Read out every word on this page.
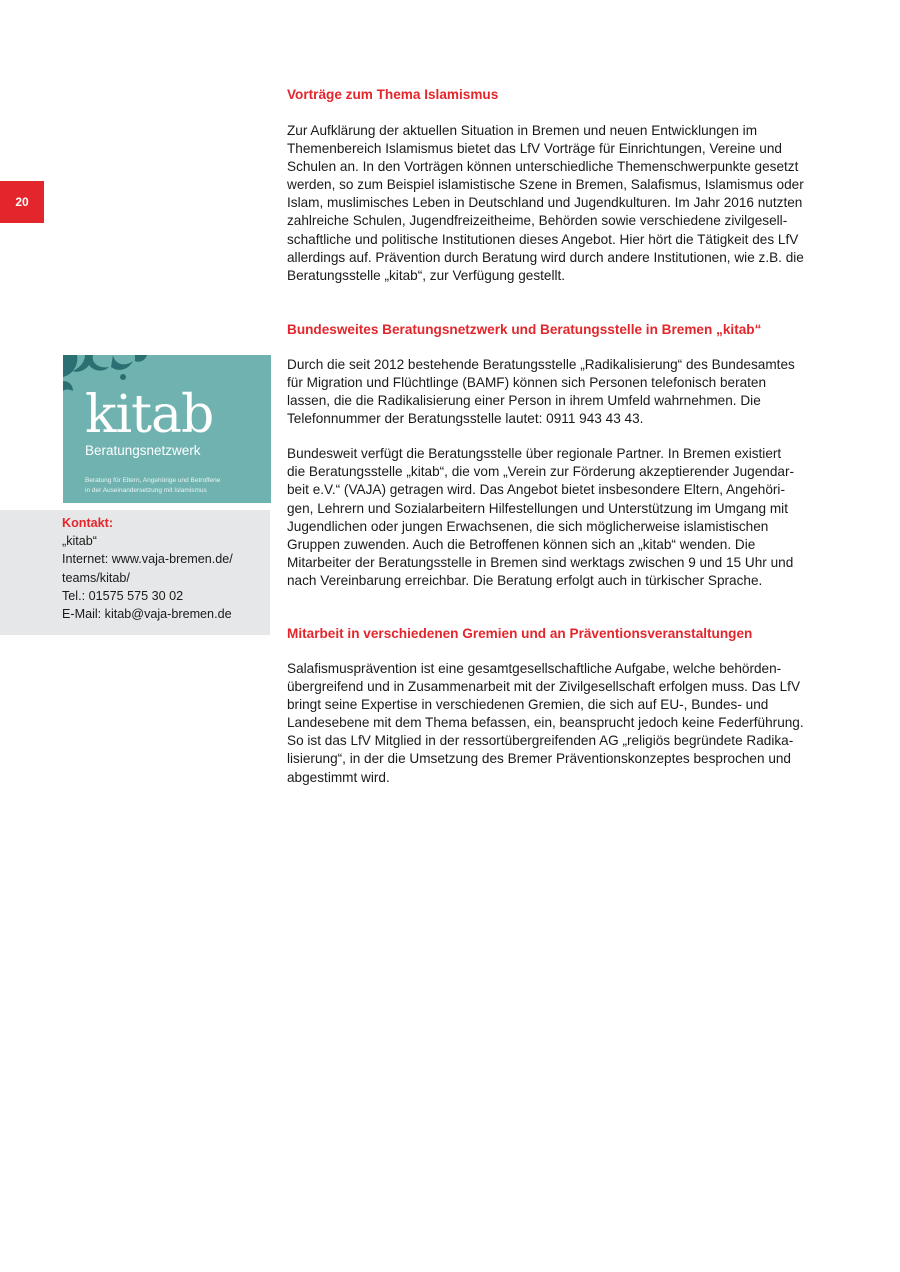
20
Vorträge zum Thema Islamismus

Zur Aufklärung der aktuellen Situation in Bremen und neuen Entwicklungen im
Themenbereich Islamismus bietet das LfV Vorträge für Einrichtungen, Vereine und
Schulen an. In den Vorträgen können unterschiedliche Themenschwerpunkte gesetzt
werden, so zum Beispiel islamistische Szene in Bremen, Salafismus, Islamismus oder
Islam, muslimisches Leben in Deutschland und Jugendkulturen. Im Jahr 2016 nutzten
zahlreiche Schulen, Jugendfreizeitheime, Behörden sowie verschiedene zivilgesell-
schaftliche und politische Institutionen dieses Angebot. Hier hört die Tätigkeit des LfV
allerdings auf. Prävention durch Beratung wird durch andere Institutionen, wie z.B. die
Beratungsstelle „kitab“, zur Verfügung gestellt.

Bundesweites Beratungsnetzwerk und Beratungsstelle in Bremen „kitab“

Durch die seit 2012 bestehende Beratungsstelle „Radikalisierung“ des Bundesamtes
für Migration und Flüchtlinge (BAMF) können sich Personen telefonisch beraten
lassen, die die Radikalisierung einer Person in ihrem Umfeld wahrnehmen. Die
Telefonnummer der Beratungsstelle lautet: 0911 943 43 43.

Bundesweit verfügt die Beratungsstelle über regionale Partner. In Bremen existiert
die Beratungsstelle „kitab“, die vom „Verein zur Förderung akzeptierender Jugendar-
beit e.V.“ (VAJA) getragen wird. Das Angebot bietet insbesondere Eltern, Angehöri-
gen, Lehrern und Sozialarbeitern Hilfestellungen und Unterstützung im Umgang mit
Jugendlichen oder jungen Erwachsenen, die sich möglicherweise islamistischen
Gruppen zuwenden. Auch die Betroffenen können sich an „kitab“ wenden. Die
Mitarbeiter der Beratungsstelle in Bremen sind werktags zwischen 9 und 15 Uhr und
nach Vereinbarung erreichbar. Die Beratung erfolgt auch in türkischer Sprache.

Mitarbeit in verschiedenen Gremien und an Präventionsveranstaltungen

Salafismusprävention ist eine gesamtgesellschaftliche Aufgabe, welche behörden-
übergreifend und in Zusammenarbeit mit der Zivilgesellschaft erfolgen muss. Das LfV
bringt seine Expertise in verschiedenen Gremien, die sich auf EU-, Bundes- und
Landesebene mit dem Thema befassen, ein, beansprucht jedoch keine Federführung.
So ist das LfV Mitglied in der ressortübergreifenden AG „religiös begründete Radika-
lisierung“, in der die Umsetzung des Bremer Präventionskonzeptes besprochen und
abgestimmt wird.

kitab
Beratungsnetzwerk
Beratung für Eltern, Angehörige und Betroffene
in der Auseinandersetzung mit Islamismus
Kontakt:
„kitab“
Internet: www.vaja-bremen.de/
teams/kitab/
Tel.: 01575 575 30 02
E-Mail: kitab@vaja-bremen.de
